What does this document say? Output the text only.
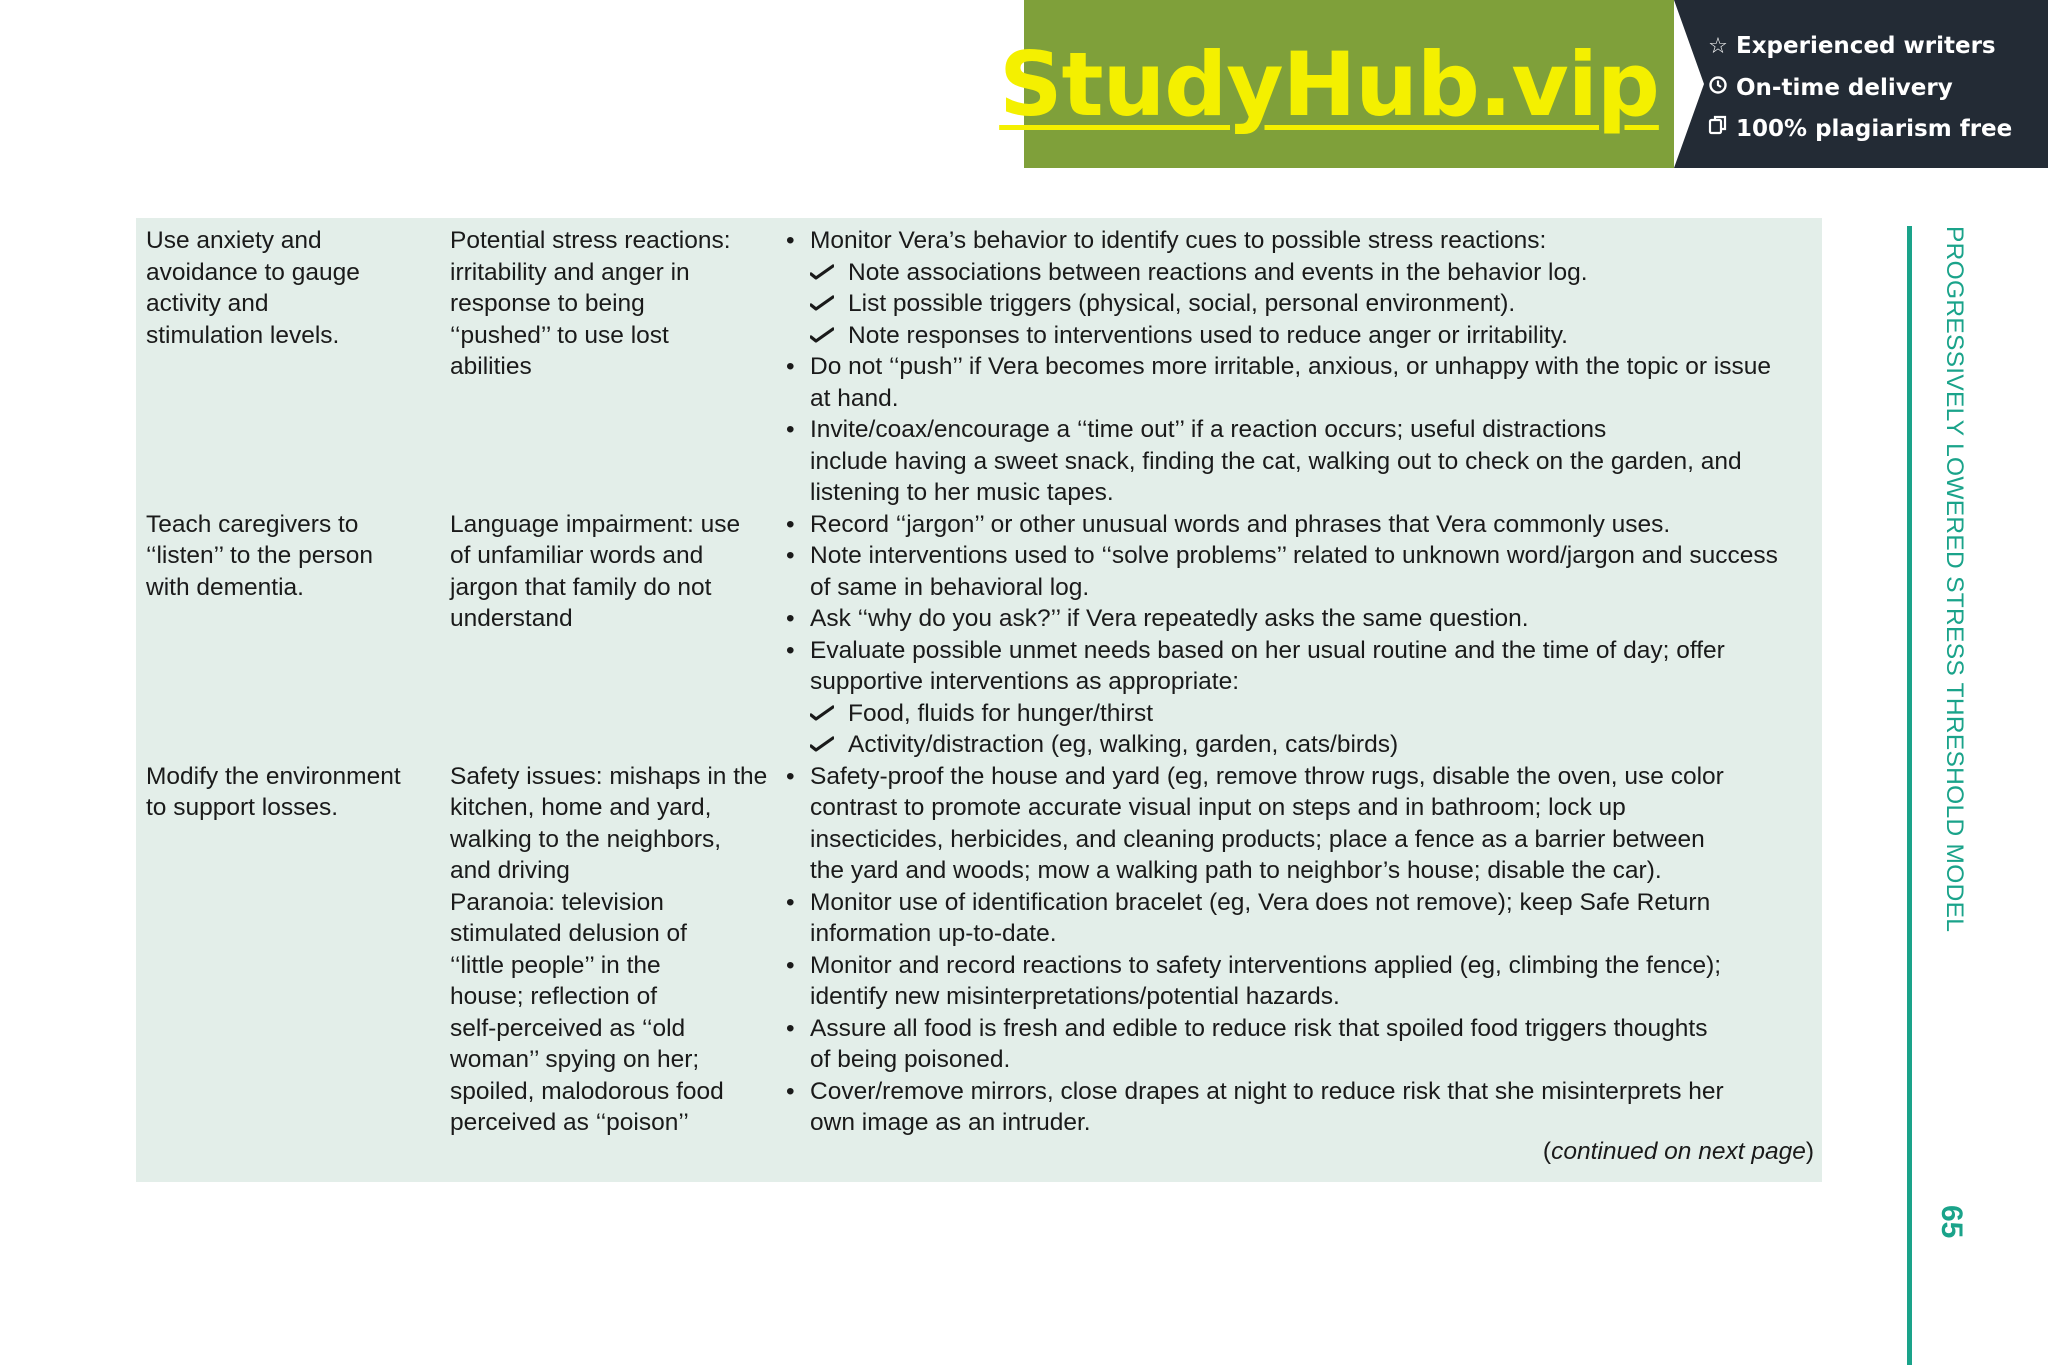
StudyHub.vip	☆ Experienced writers
On-time delivery
100% plagiarism free
Use anxiety and
avoidance to gauge
activity and
stimulation levels.
Teach caregivers to
‘‘listen’’ to the person
with dementia.
Modify the environment
to support losses.
Potential stress reactions:
irritability and anger in
response to being
‘‘pushed’’ to use lost
abilities
Language impairment: use
of unfamiliar words and
jargon that family do not
understand
Safety issues: mishaps in the
kitchen, home and yard,
walking to the neighbors,
and driving
Paranoia: television
stimulated delusion of
‘‘little people’’ in the
house; reflection of
self-perceived as ‘‘old
woman’’ spying on her;
spoiled, malodorous food
perceived as ‘‘poison’’
• Monitor Vera’s behavior to identify cues to possible stress reactions:
Note associations between reactions and events in the behavior log.
List possible triggers (physical, social, personal environment).
Note responses to interventions used to reduce anger or irritability.
• Do not ‘‘push’’ if Vera becomes more irritable, anxious, or unhappy with the topic or issue
at hand.
• Invite/coax/encourage a ‘‘time out’’ if a reaction occurs; useful distractions
include having a sweet snack, finding the cat, walking out to check on the garden, and
listening to her music tapes.
• Record ‘‘jargon’’ or other unusual words and phrases that Vera commonly uses.
• Note interventions used to ‘‘solve problems’’ related to unknown word/jargon and success
of same in behavioral log.
• Ask ‘‘why do you ask?’’ if Vera repeatedly asks the same question.
• Evaluate possible unmet needs based on her usual routine and the time of day; offer
supportive interventions as appropriate:
Food, fluids for hunger/thirst
Activity/distraction (eg, walking, garden, cats/birds)
• Safety-proof the house and yard (eg, remove throw rugs, disable the oven, use color
contrast to promote accurate visual input on steps and in bathroom; lock up
insecticides, herbicides, and cleaning products; place a fence as a barrier between
the yard and woods; mow a walking path to neighbor’s house; disable the car).
• Monitor use of identification bracelet (eg, Vera does not remove); keep Safe Return
information up-to-date.
• Monitor and record reactions to safety interventions applied (eg, climbing the fence);
identify new misinterpretations/potential hazards.
• Assure all food is fresh and edible to reduce risk that spoiled food triggers thoughts
of being poisoned.
• Cover/remove mirrors, close drapes at night to reduce risk that she misinterprets her
own image as an intruder.
(continued on next page)
PROGRESSIVELY LOWERED STRESS THRESHOLD MODEL
65
